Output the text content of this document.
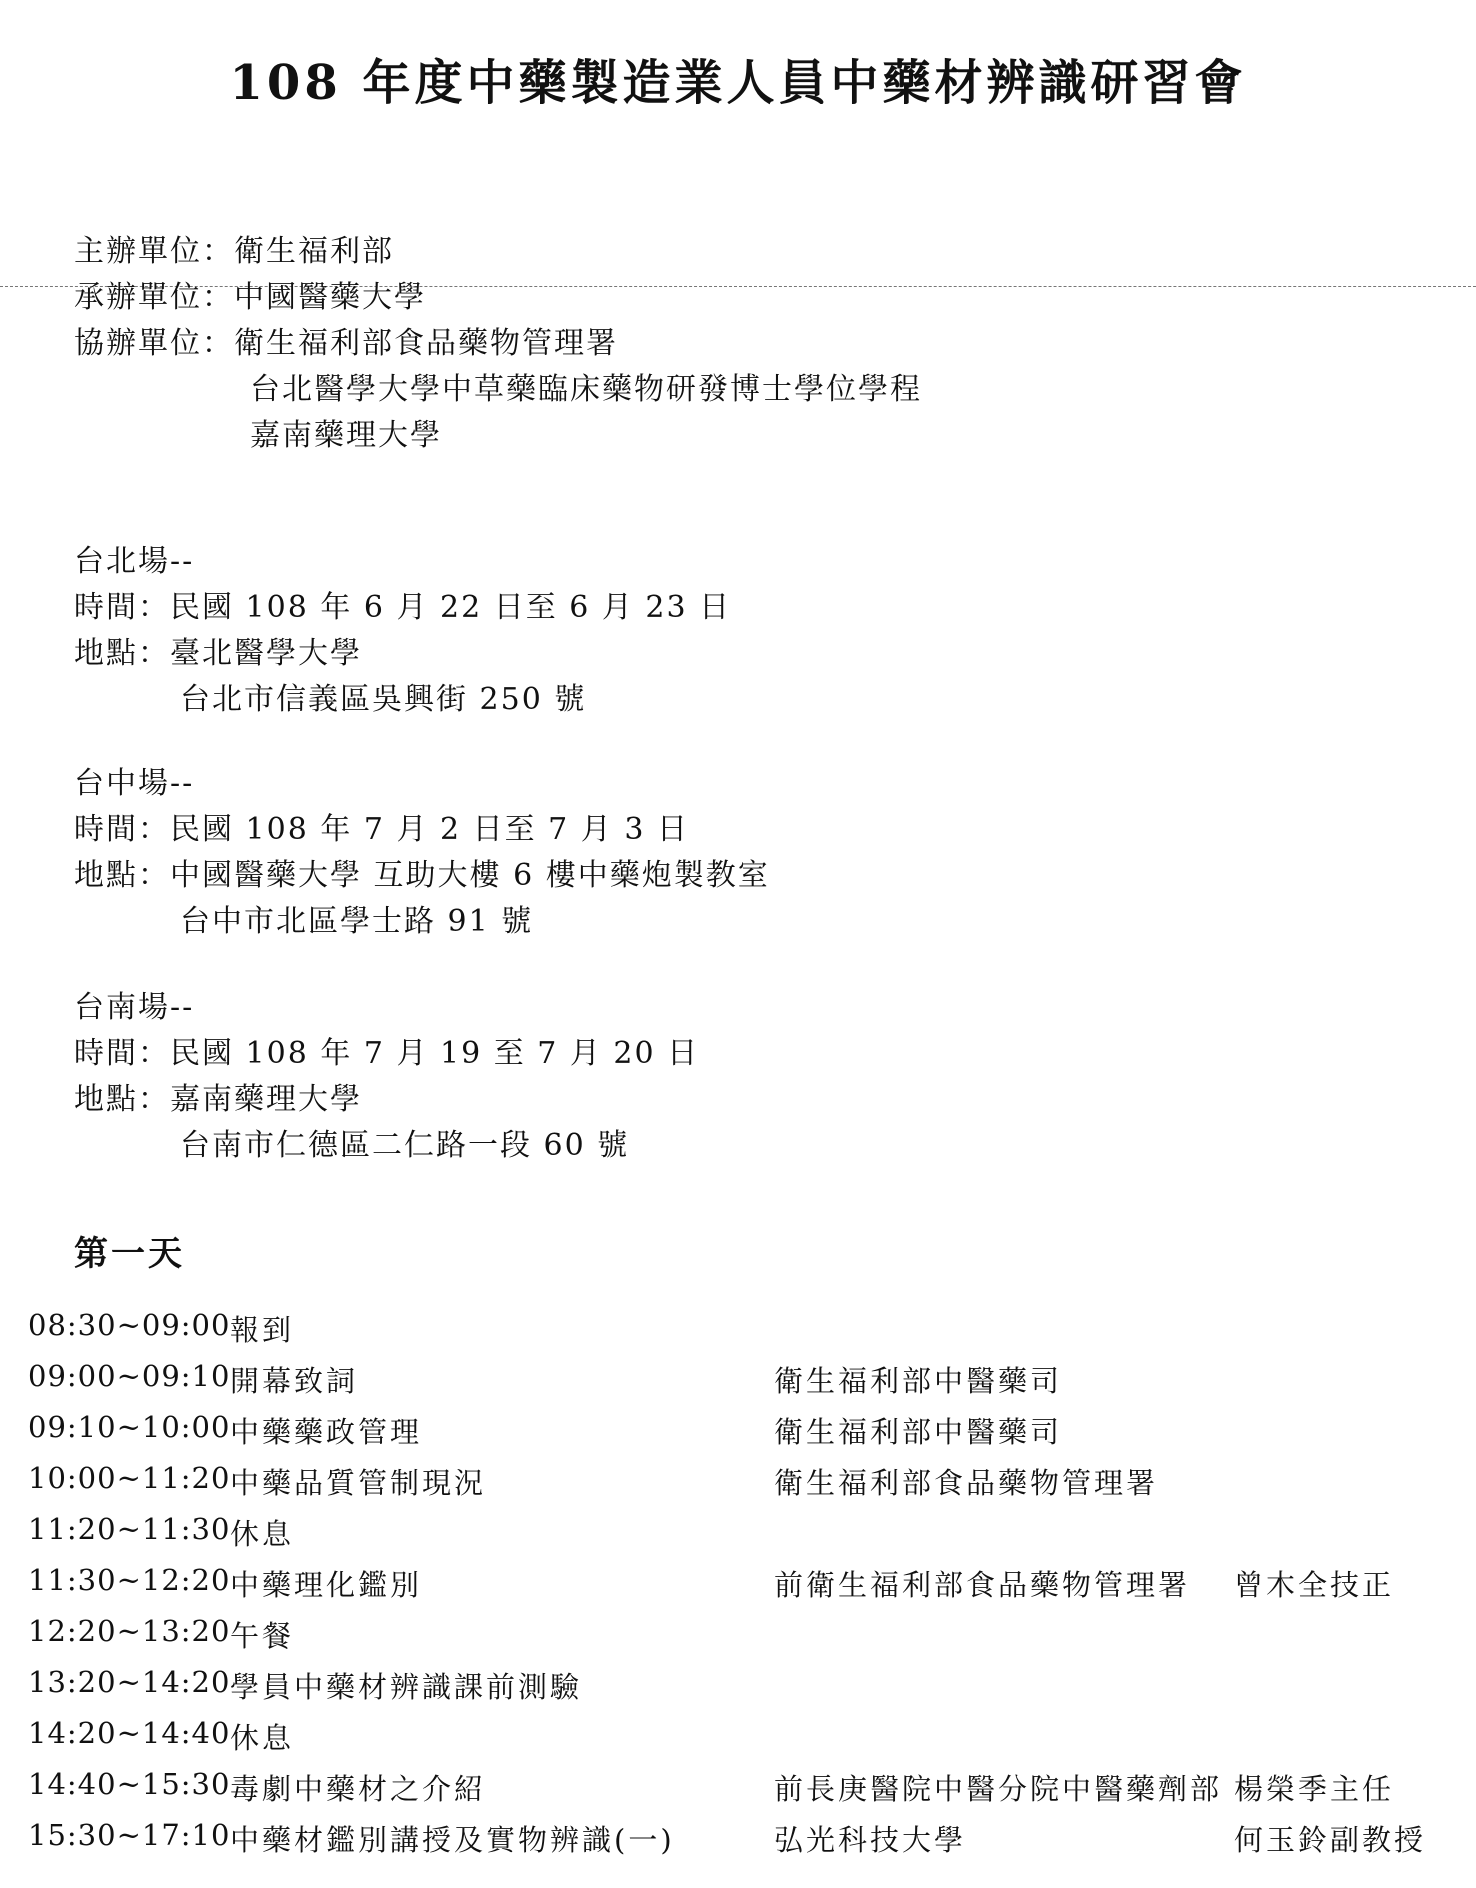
108 年度中藥製造業人員中藥材辨識研習會
主辦單位：衛生福利部
承辦單位：中國醫藥大學
協辦單位：衛生福利部食品藥物管理署
台北醫學大學中草藥臨床藥物研發博士學位學程
嘉南藥理大學
台北場--
時間：民國 108 年 6 月 22 日至 6 月 23 日
地點：臺北醫學大學
台北市信義區吳興街 250 號
台中場--
時間：民國 108 年 7 月 2 日至 7 月 3 日
地點：中國醫藥大學 互助大樓 6 樓中藥炮製教室
台中市北區學士路 91 號
台南場--
時間：民國 108 年 7 月 19 至 7 月 20 日
地點：嘉南藥理大學
台南市仁德區二仁路一段 60 號
第一天
08:30~09:00 報到
09:00~09:10 開幕致詞	衛生福利部中醫藥司
09:10~10:00 中藥藥政管理	衛生福利部中醫藥司
10:00~11:20 中藥品質管制現況	衛生福利部食品藥物管理署
11:20~11:30 休息
11:30~12:20 中藥理化鑑別	前衛生福利部食品藥物管理署 曾木全技正
12:20~13:20 午餐
13:20~14:20 學員中藥材辨識課前測驗
14:20~14:40 休息
14:40~15:30 毒劇中藥材之介紹	前長庚醫院中醫分院中醫藥劑部 楊榮季主任
15:30~17:10 中藥材鑑別講授及實物辨識(一)	弘光科技大學	何玉鈴副教授
